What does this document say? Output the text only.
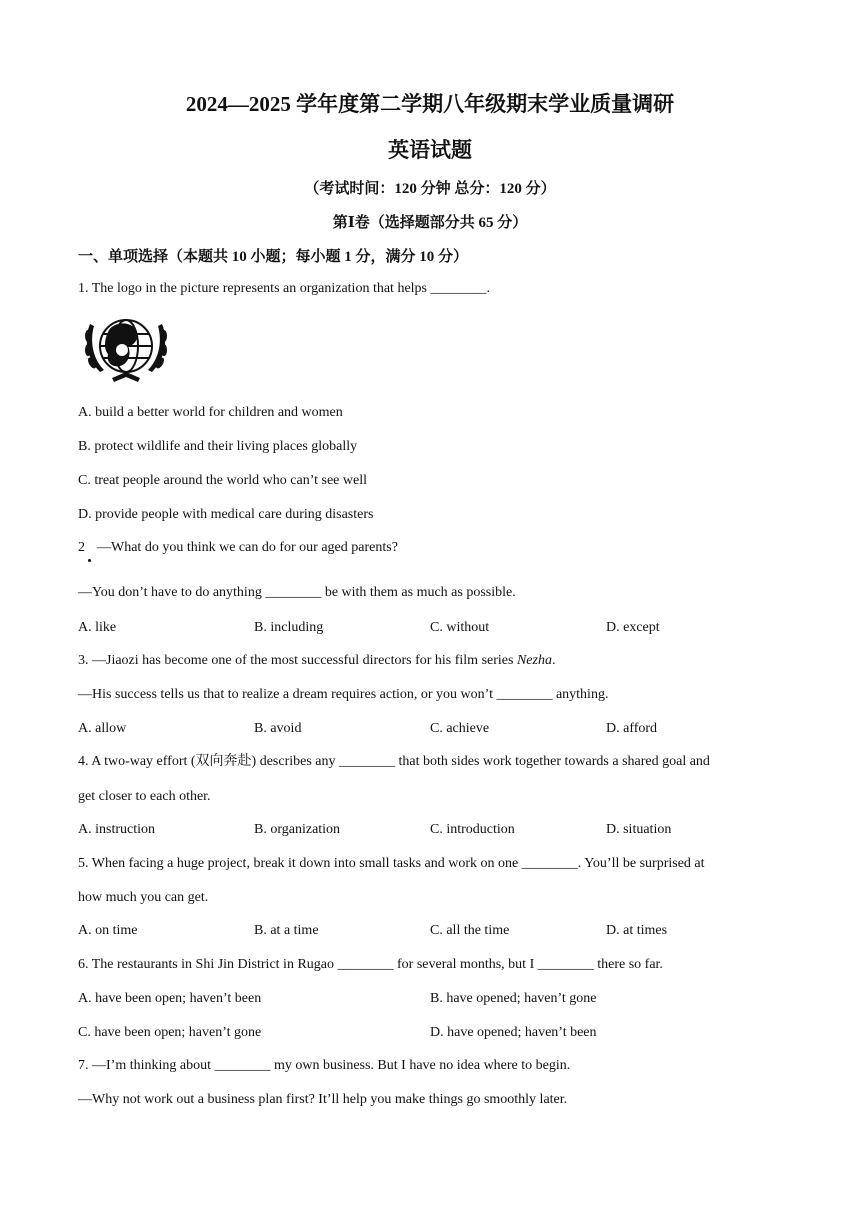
2024—2025 学年度第二学期八年级期末学业质量调研
英语试题
（考试时间：120 分钟 总分：120 分）
第Ⅰ卷（选择题部分共 65 分）
一、单项选择（本题共 10 小题；每小题 1 分，满分 10 分）
1. The logo in the picture represents an organization that helps ________.
A. build a better world for children and women
B. protect wildlife and their living places globally
C. treat people around the world who can’t see well
D. provide people with medical care during disasters
2 —What do you think we can do for our aged parents?
—You don’t have to do anything ________ be with them as much as possible.
A. like	B. including	C. without	D. except
3. —Jiaozi has become one of the most successful directors for his film series Nezha.
—His success tells us that to realize a dream requires action, or you won’t ________ anything.
A. allow	B. avoid	C. achieve	D. afford
4. A two-way effort (双向奔赴) describes any ________ that both sides work together towards a shared goal and
get closer to each other.
A. instruction	B. organization	C. introduction	D. situation
5. When facing a huge project, break it down into small tasks and work on one ________. You’ll be surprised at
how much you can get.
A. on time	B. at a time	C. all the time	D. at times
6. The restaurants in Shi Jin District in Rugao ________ for several months, but I ________ there so far.
A. have been open; haven’t been	B. have opened; haven’t gone
C. have been open; haven’t gone	D. have opened; haven’t been
7. —I’m thinking about ________ my own business. But I have no idea where to begin.
—Why not work out a business plan first? It’ll help you make things go smoothly later.
